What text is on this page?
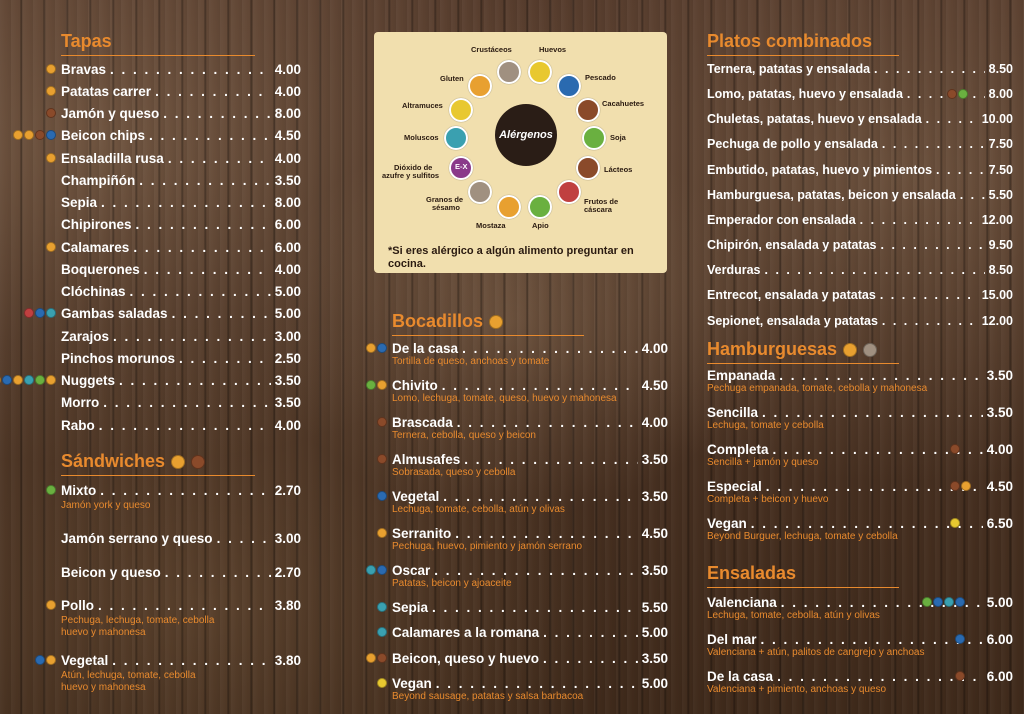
Tapas
Bravas . . .	4.00
Patatas carrer . . .	4.00
Jamón y queso . . .	8.00
Beicon chips . . .	4.50
Ensaladilla rusa . . .	4.00
Champiñón . . .	3.50
Sepia . . .	8.00
Chipirones . . .	6.00
Calamares . . .	6.00
Boquerones . . .	4.00
Clóchinas . . .	5.00
Gambas saladas . . .	5.00
Zarajos . . .	3.00
Pinchos morunos . . .	2.50
Nuggets . . .	3.50
Morro . . .	3.50
Rabo . . .	4.00
Sándwiches
Mixto . . .	2.70
Jamón york y queso
Jamón serrano y queso . . .	3.00
Beicon y queso . . .	2.70
Pollo . . .	3.80
Pechuga, lechuga, tomate, cebolla
huevo y mahonesa
Vegetal . . .	3.80
Atún, lechuga, tomate, cebolla
huevo y mahonesa
Alérgenos
Crustáceos	Huevos
Pescado
Cacahuetes
Soja
Lácteos
Frutos de
cáscara
Apio
Mostaza
Granos de
sésamo
Dióxido de
azufre y sulfitos
Moluscos
Altramuces
Gluten
E-X
*Si eres alérgico a algún alimento preguntar en cocina.
Bocadillos
De la casa . . .	4.00
Tortilla de queso, anchoas y tomate
Chivito . . .	4.50
Lomo, lechuga, tomate, queso, huevo y mahonesa
Brascada . . .	4.00
Ternera, cebolla, queso y beicon
Almusafes . . .	3.50
Sobrasada, queso y cebolla
Vegetal . . .	3.50
Lechuga, tomate, cebolla, atún y olivas
Serranito . . .	4.50
Pechuga, huevo, pimiento y jamón serrano
Oscar . . .	3.50
Patatas, beicon y ajoaceite
Sepia . . .	5.50
Calamares a la romana . . .	5.00
Beicon, queso y huevo . . .	3.50
Vegan . . .	5.00
Beyond sausage, patatas y salsa barbacoa
Platos combinados
Ternera, patatas y ensalada . . .	8.50
Lomo, patatas, huevo y ensalada . . .	8.00
Chuletas, patatas, huevo y ensalada . . .	10.00
Pechuga de pollo y ensalada . . .	7.50
Embutido, patatas, huevo y pimientos . . .	7.50
Hamburguesa, patatas, beicon y ensalada . . .	5.50
Emperador con ensalada . . .	12.00
Chipirón, ensalada y patatas . . .	9.50
Verduras . . .	8.50
Entrecot, ensalada y patatas . . .	15.00
Sepionet, ensalada y patatas . . .	12.00
Hamburguesas
Empanada . . .	3.50
Pechuga empanada, tomate, cebolla y mahonesa
Sencilla . . .	3.50
Lechuga, tomate y cebolla
Completa . . .	4.00
Sencilla + jamón y queso
Especial . . .	4.50
Completa + beicon y huevo
Vegan . . .	6.50
Beyond Burguer, lechuga, tomate y cebolla
Ensaladas
Valenciana . . .	5.00
Lechuga, tomate, cebolla, atún y olivas
Del mar . . .	6.00
Valenciana + atún, palitos de cangrejo y anchoas
De la casa . . .	6.00
Valenciana + pimiento, anchoas y queso
